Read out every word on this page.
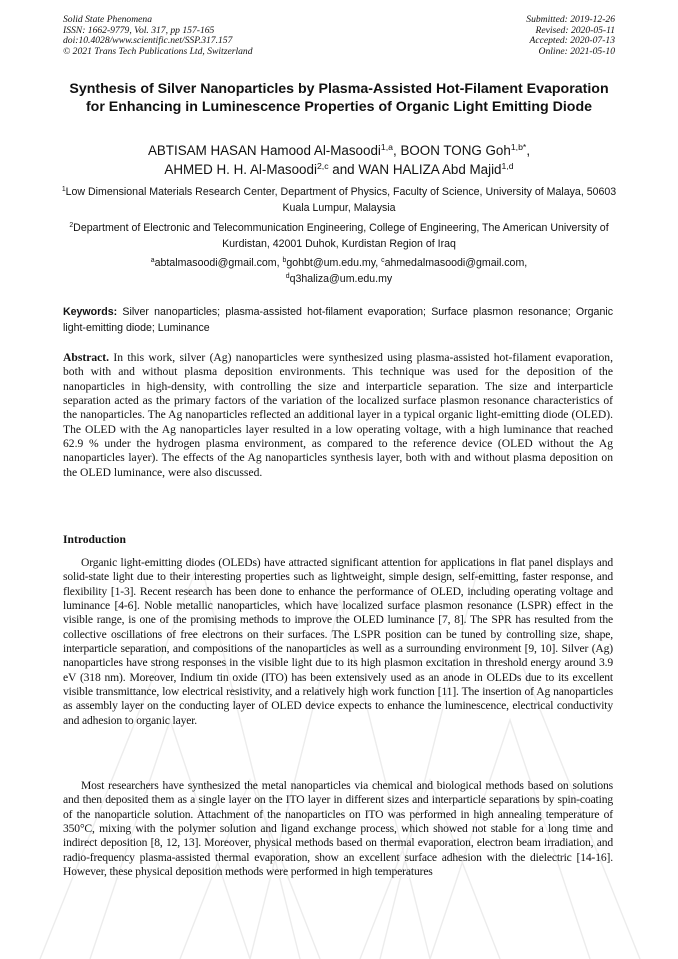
Solid State Phenomena
ISSN: 1662-9779, Vol. 317, pp 157-165
doi:10.4028/www.scientific.net/SSP.317.157
© 2021 Trans Tech Publications Ltd, Switzerland
Submitted: 2019-12-26
Revised: 2020-05-11
Accepted: 2020-07-13
Online: 2021-05-10
Synthesis of Silver Nanoparticles by Plasma-Assisted Hot-Filament Evaporation for Enhancing in Luminescence Properties of Organic Light Emitting Diode
ABTISAM HASAN Hamood Al-Masoodi$^{1,a}$, BOON TONG Goh$^{1,b*}$,
AHMED H. H. Al-Masoodi$^{2,c}$ and WAN HALIZA Abd Majid$^{1,d}$
$^1$Low Dimensional Materials Research Center, Department of Physics, Faculty of Science, University of Malaya, 50603 Kuala Lumpur, Malaysia
$^2$Department of Electronic and Telecommunication Engineering, College of Engineering, The American University of Kurdistan, 42001 Duhok, Kurdistan Region of Iraq
$^a$abtalmasoodi@gmail.com, $^b$gohbt@um.edu.my, $^c$ahmedalmasoodi@gmail.com,
$^d$q3haliza@um.edu.my
Keywords: Silver nanoparticles; plasma-assisted hot-filament evaporation; Surface plasmon resonance; Organic light-emitting diode; Luminance
Abstract. In this work, silver (Ag) nanoparticles were synthesized using plasma-assisted hot-filament evaporation, both with and without plasma deposition environments. This technique was used for the deposition of the nanoparticles in high-density, with controlling the size and interparticle separation. The size and interparticle separation acted as the primary factors of the variation of the localized surface plasmon resonance characteristics of the nanoparticles. The Ag nanoparticles reflected an additional layer in a typical organic light-emitting diode (OLED). The OLED with the Ag nanoparticles layer resulted in a low operating voltage, with a high luminance that reached 62.9 % under the hydrogen plasma environment, as compared to the reference device (OLED without the Ag nanoparticles layer). The effects of the Ag nanoparticles synthesis layer, both with and without plasma deposition on the OLED luminance, were also discussed.
Introduction
Organic light-emitting diodes (OLEDs) have attracted significant attention for applications in flat panel displays and solid-state light due to their interesting properties such as lightweight, simple design, self-emitting, faster response, and flexibility [1-3]. Recent research has been done to enhance the performance of OLED, including operating voltage and luminance [4-6]. Noble metallic nanoparticles, which have localized surface plasmon resonance (LSPR) effect in the visible range, is one of the promising methods to improve the OLED luminance [7, 8]. The SPR has resulted from the collective oscillations of free electrons on their surfaces. The LSPR position can be tuned by controlling size, shape, interparticle separation, and compositions of the nanoparticles as well as a surrounding environment [9, 10]. Silver (Ag) nanoparticles have strong responses in the visible light due to its high plasmon excitation in threshold energy around 3.9 eV (318 nm). Moreover, Indium tin oxide (ITO) has been extensively used as an anode in OLEDs due to its excellent visible transmittance, low electrical resistivity, and a relatively high work function [11]. The insertion of Ag nanoparticles as assembly layer on the conducting layer of OLED device expects to enhance the luminescence, electrical conductivity and adhesion to organic layer.
Most researchers have synthesized the metal nanoparticles via chemical and biological methods based on solutions and then deposited them as a single layer on the ITO layer in different sizes and interparticle separations by spin-coating of the nanoparticle solution. Attachment of the nanoparticles on ITO was performed in high annealing temperature of 350°C, mixing with the polymer solution and ligand exchange process, which showed not stable for a long time and indirect deposition [8, 12, 13]. Moreover, physical methods based on thermal evaporation, electron beam irradiation, and radio-frequency plasma-assisted thermal evaporation, show an excellent surface adhesion with the dielectric [14-16]. However, these physical deposition methods were performed in high temperatures
